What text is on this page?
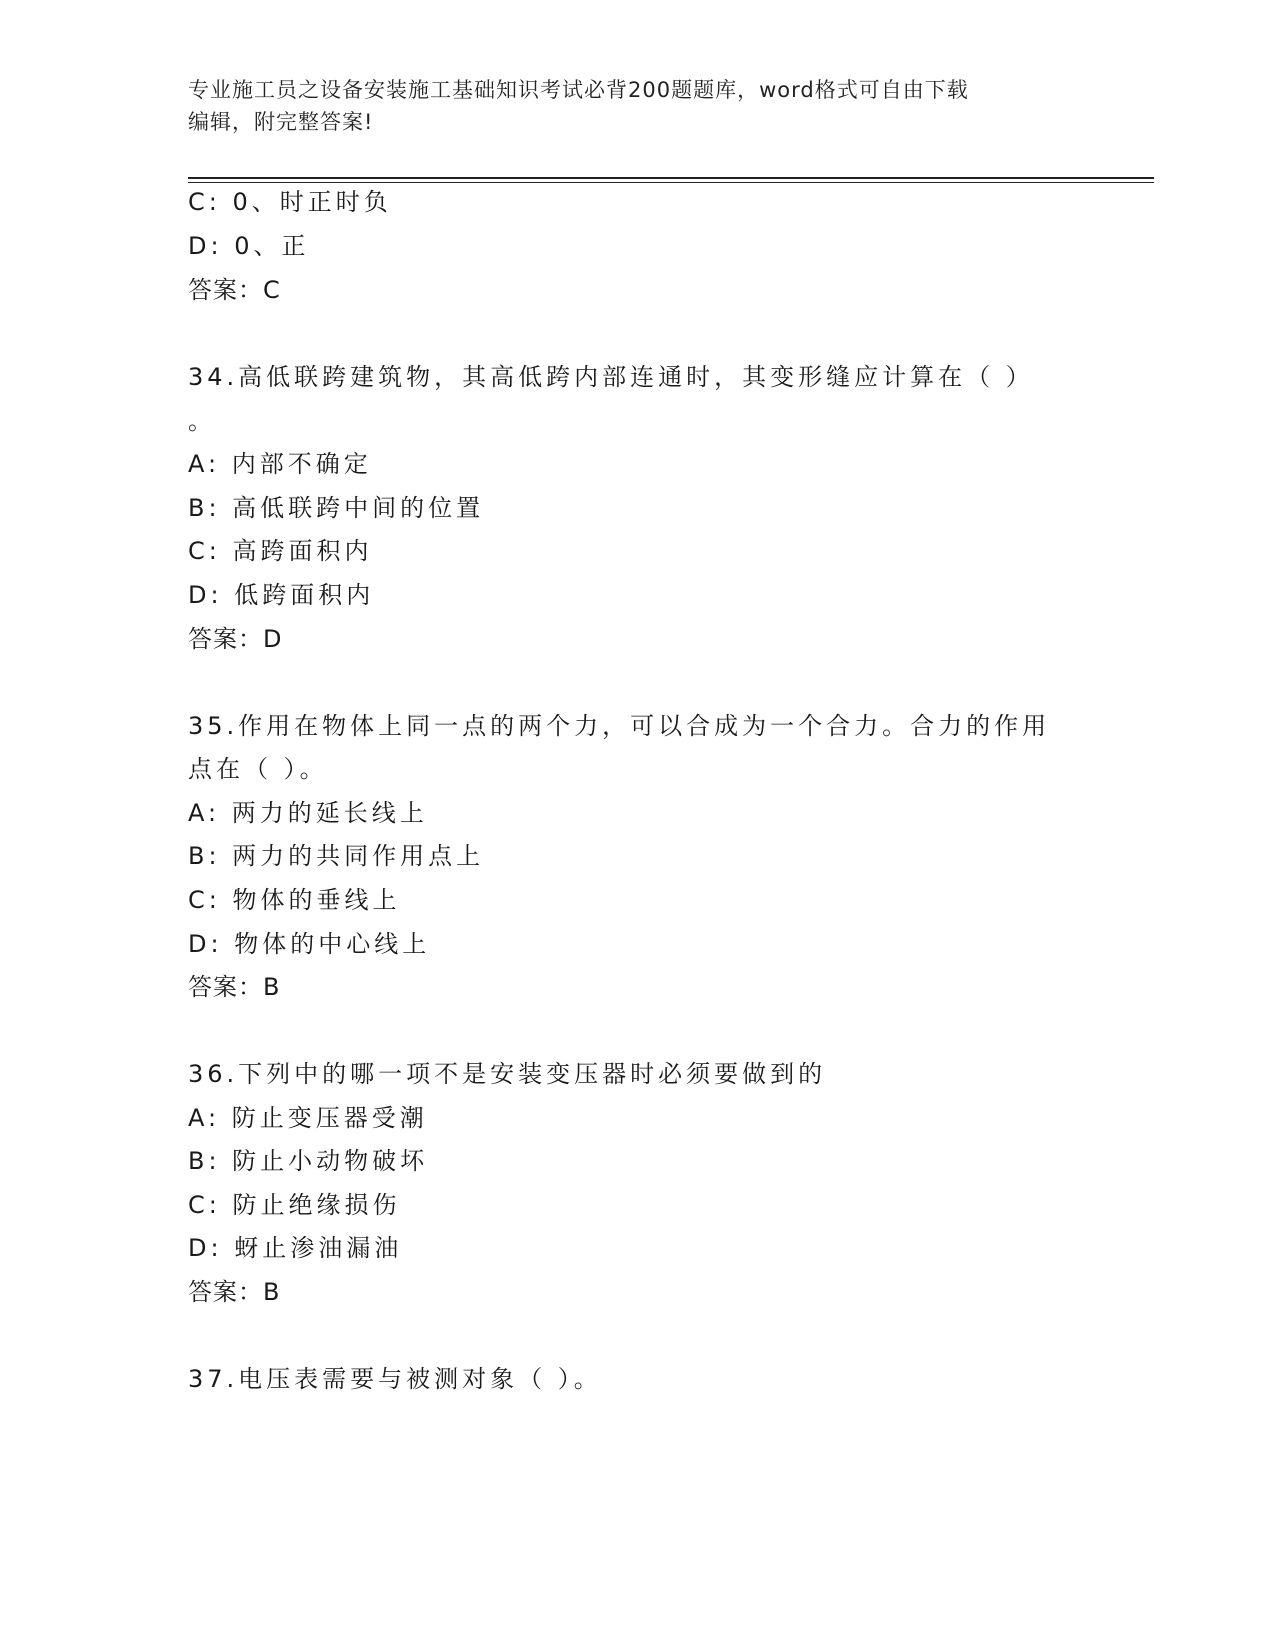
专业施工员之设备安装施工基础知识考试必背200题题库，word格式可自由下载
编辑，附完整答案!
C: 0、时正时负
D: 0、正
答案：C
34.高低联跨建筑物，其高低跨内部连通时，其变形缝应计算在（ ）
。
A: 内部不确定
B: 高低联跨中间的位置
C: 高跨面积内
D: 低跨面积内
答案：D
35.作用在物体上同一点的两个力，可以合成为一个合力。合力的作用
点在（ ）。
A: 两力的延长线上
B: 两力的共同作用点上
C: 物体的垂线上
D: 物体的中心线上
答案：B
36.下列中的哪一项不是安装变压器时必须要做到的
A: 防止变压器受潮
B: 防止小动物破坏
C: 防止绝缘损伤
D: 蚜止渗油漏油
答案：B
37.电压表需要与被测对象（ ）。
